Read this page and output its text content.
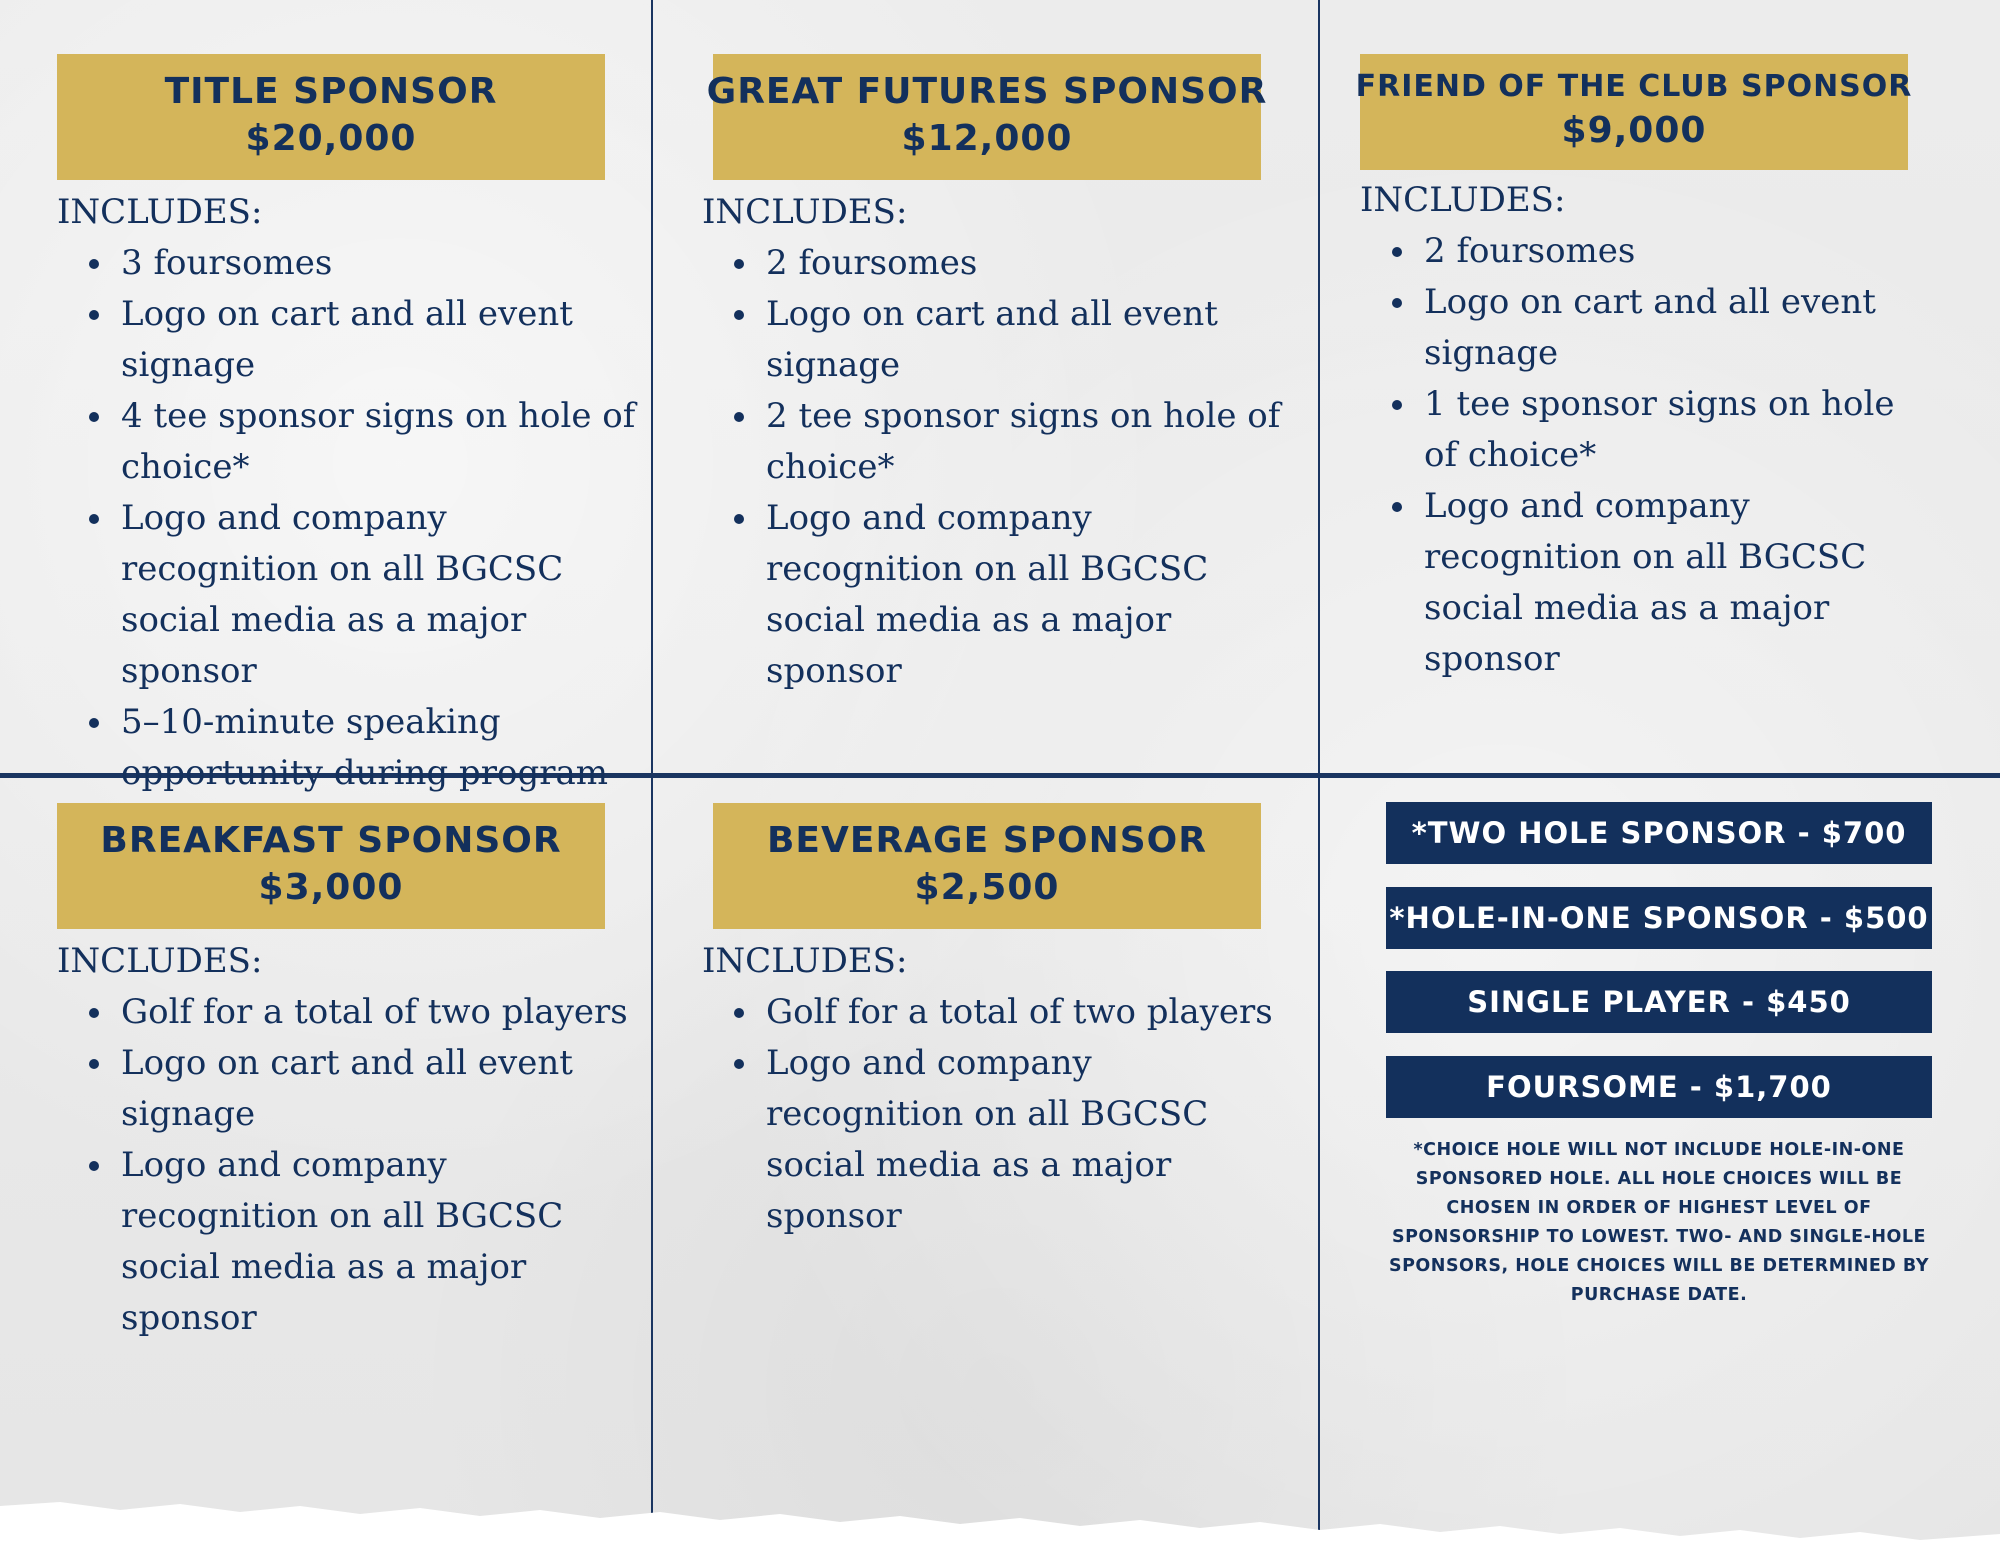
TITLE SPONSOR
$20,000
INCLUDES:
3 foursomes
Logo on cart and all event signage
4 tee sponsor signs on hole of choice*
Logo and company recognition on all BGCSC social media as a major sponsor
5–10-minute speaking opportunity during program
GREAT FUTURES SPONSOR
$12,000
INCLUDES:
2 foursomes
Logo on cart and all event signage
2 tee sponsor signs on hole of choice*
Logo and company recognition on all BGCSC social media as a major sponsor
FRIEND OF THE CLUB SPONSOR
$9,000
INCLUDES:
2 foursomes
Logo on cart and all event signage
1 tee sponsor signs on hole of choice*
Logo and company recognition on all BGCSC social media as a major sponsor
BREAKFAST SPONSOR
$3,000
INCLUDES:
Golf for a total of two players
Logo on cart and all event signage
Logo and company recognition on all BGCSC social media as a major sponsor
BEVERAGE SPONSOR
$2,500
INCLUDES:
Golf for a total of two players
Logo and company recognition on all BGCSC social media as a major sponsor
*TWO HOLE SPONSOR - $700
*HOLE-IN-ONE SPONSOR - $500
SINGLE PLAYER - $450
FOURSOME - $1,700
*CHOICE HOLE WILL NOT INCLUDE HOLE-IN-ONE SPONSORED HOLE. ALL HOLE CHOICES WILL BE CHOSEN IN ORDER OF HIGHEST LEVEL OF SPONSORSHIP TO LOWEST. TWO- AND SINGLE-HOLE SPONSORS, HOLE CHOICES WILL BE DETERMINED BY PURCHASE DATE.
